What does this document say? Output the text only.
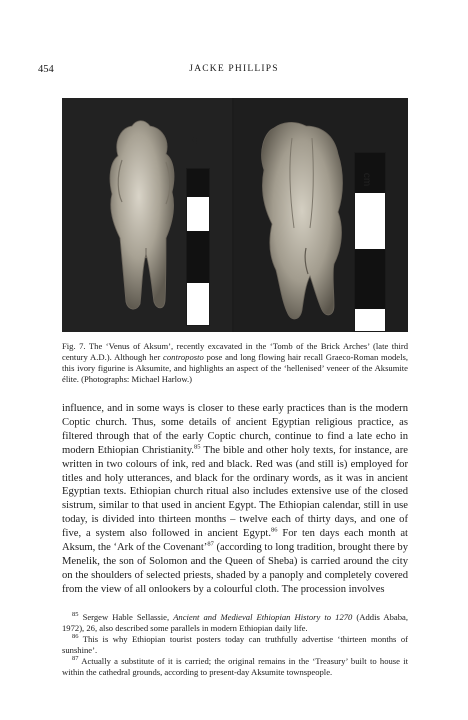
454	JACKE PHILLIPS
cm
cm
Fig. 7. The ‘Venus of Aksum’, recently excavated in the ‘Tomb of the Brick Arches’ (late third century A.D.). Although her controposto pose and long flowing hair recall Graeco-Roman models, this ivory figurine is Aksumite, and highlights an aspect of the ‘hellenised’ veneer of the Aksumite élite. (Photographs: Michael Harlow.)

influence, and in some ways is closer to these early practices than is the modern Coptic church. Thus, some details of ancient Egyptian religious practice, as filtered through that of the early Coptic church, continue to find a late echo in modern Ethiopian Christianity.$^{85}$ The bible and other holy texts, for instance, are written in two colours of ink, red and black. Red was (and still is) employed for titles and holy utterances, and black for the ordinary words, as it was in ancient Egyptian texts. Ethiopian church ritual also includes extensive use of the closed sistrum, similar to that used in ancient Egypt. The Ethiopian calendar, still in use today, is divided into thirteen months – twelve each of thirty days, and one of five, a system also followed in ancient Egypt.$^{86}$ For ten days each month at Aksum, the ‘Ark of the Covenant’$^{87}$ (according to long tradition, brought there by Menelik, the son of Solomon and the Queen of Sheba) is carried around the city on the shoulders of selected priests, shaded by a panoply and completely covered from the view of all onlookers by a colourful cloth. The procession involves

$^{85}$ Sergew Hable Sellassie, Ancient and Medieval Ethiopian History to 1270 (Addis Ababa, 1972), 26, also described some parallels in modern Ethiopian daily life.

$^{86}$ This is why Ethiopian tourist posters today can truthfully advertise ‘thirteen months of sunshine’.

$^{87}$ Actually a substitute of it is carried; the original remains in the ‘Treasury’ built to house it within the cathedral grounds, according to present-day Aksumite townspeople.
